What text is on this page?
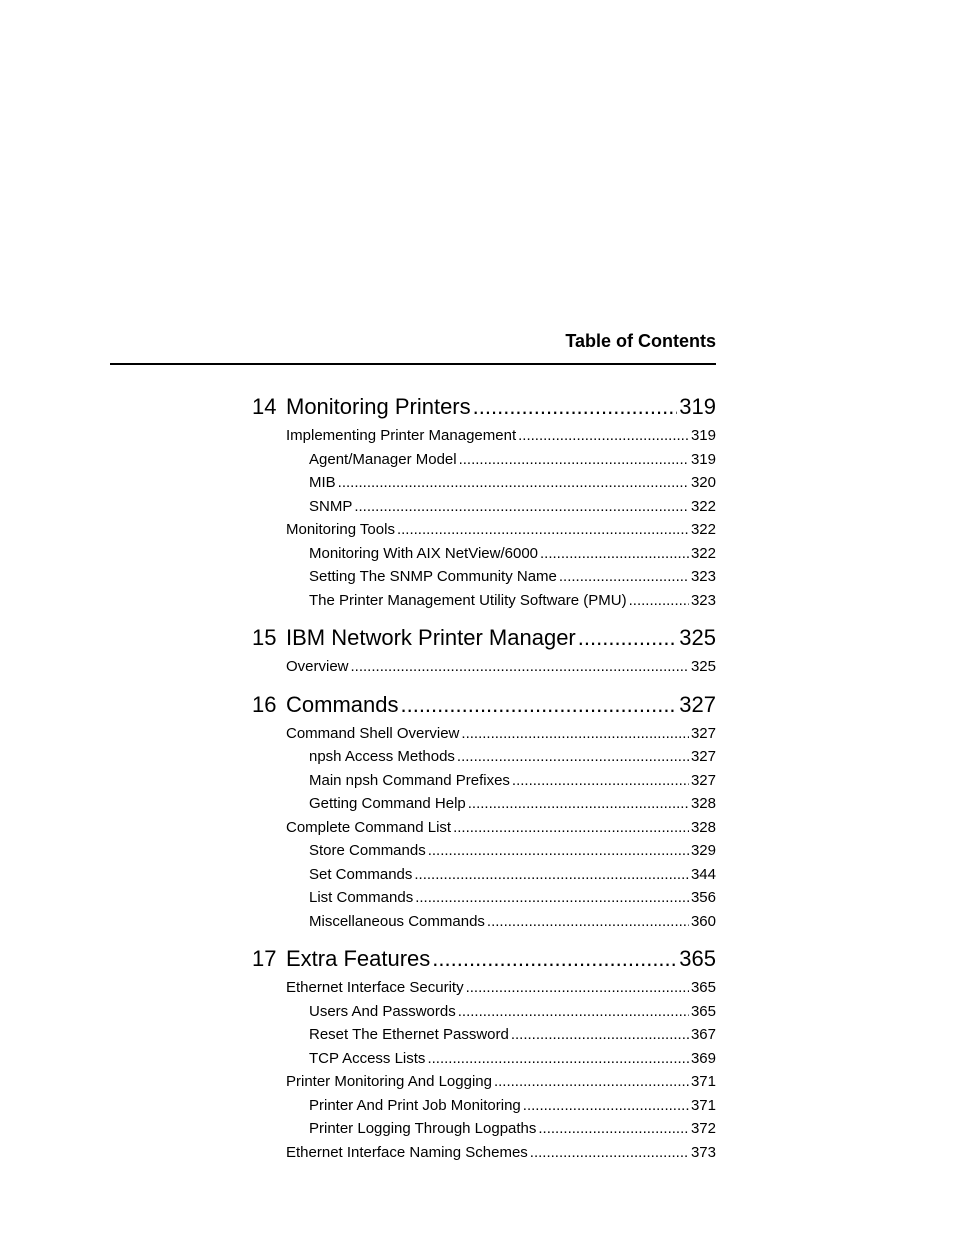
Table of Contents
14 Monitoring Printers .....	319
Implementing Printer Management .....	319
Agent/Manager Model .....	319
MIB .....	320
SNMP .....	322
Monitoring Tools .....	322
Monitoring With AIX NetView/6000 .....	322
Setting The SNMP Community Name .....	323
The Printer Management Utility Software (PMU) .....	323
15 IBM Network Printer Manager .....	325
Overview .....	325
16 Commands .....	327
Command Shell Overview .....	327
npsh Access Methods .....	327
Main npsh Command Prefixes .....	327
Getting Command Help .....	328
Complete Command List .....	328
Store Commands .....	329
Set Commands .....	344
List Commands .....	356
Miscellaneous Commands .....	360
17 Extra Features .....	365
Ethernet Interface Security .....	365
Users And Passwords .....	365
Reset The Ethernet Password .....	367
TCP Access Lists .....	369
Printer Monitoring And Logging .....	371
Printer And Print Job Monitoring .....	371
Printer Logging Through Logpaths .....	372
Ethernet Interface Naming Schemes .....	373
